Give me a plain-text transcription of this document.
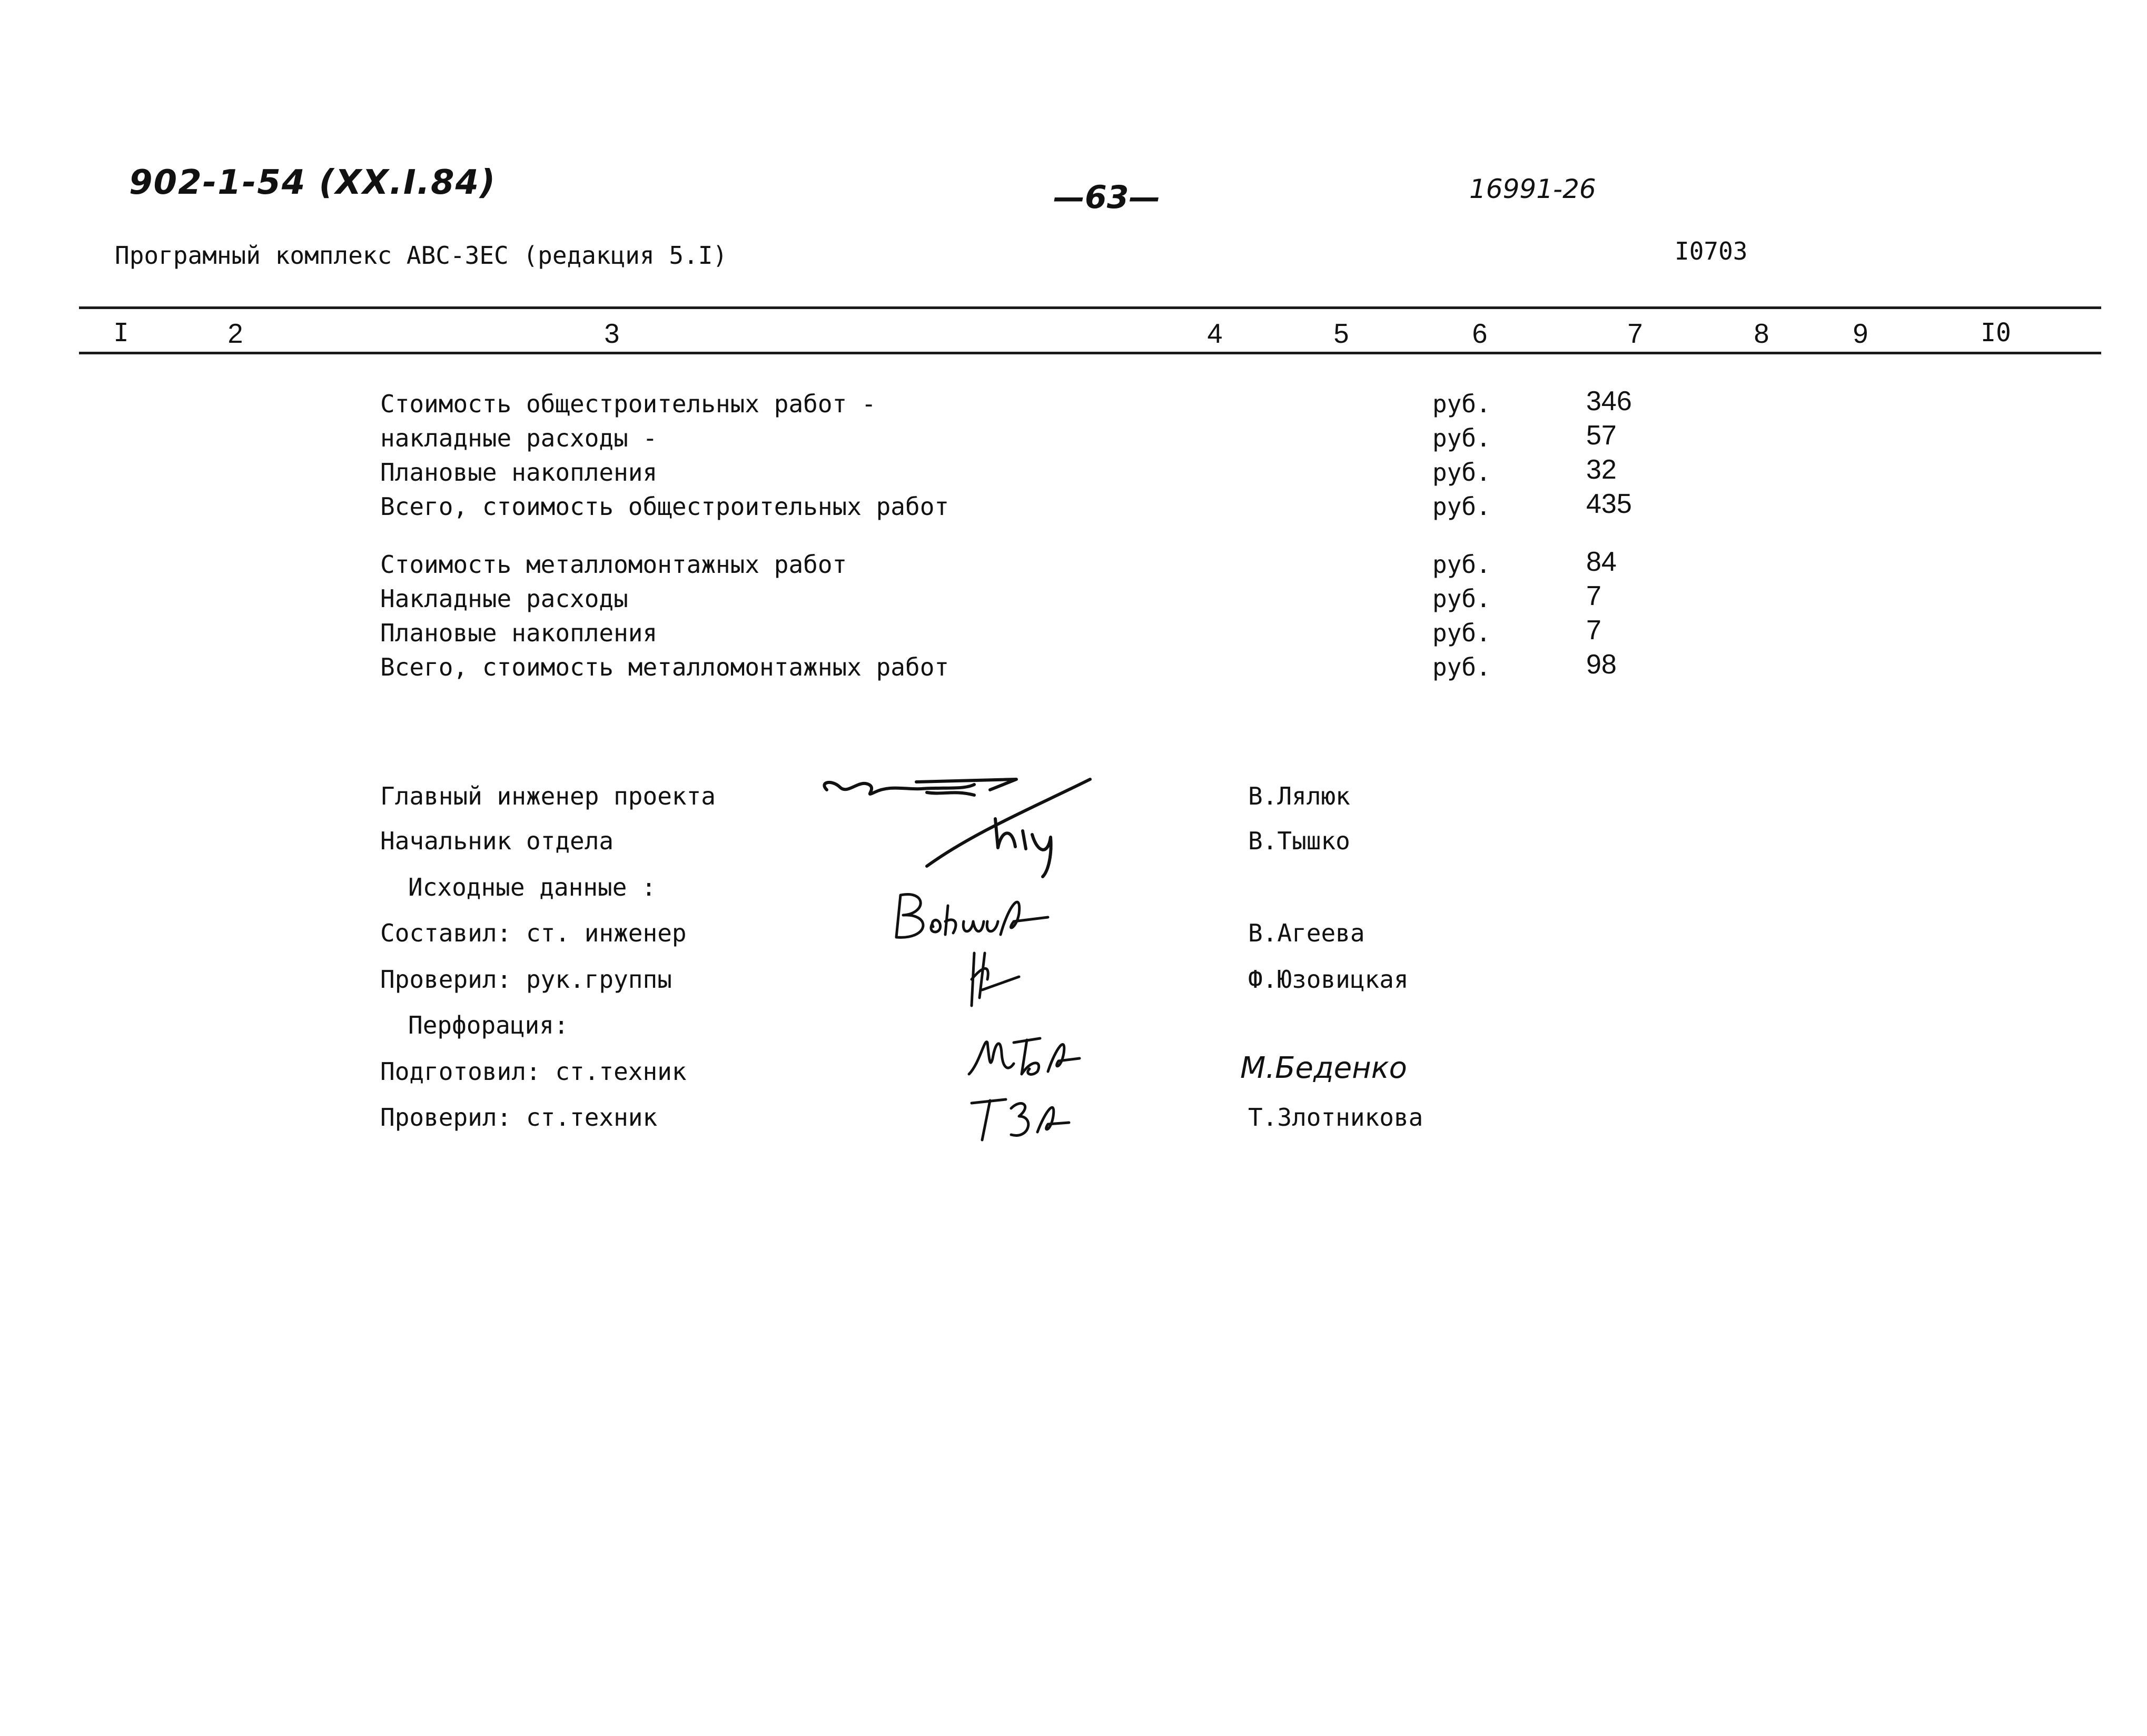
902-1-54 (XX.I.84)	—63—	16991-26
Програмный комплекс АВС-ЗЕС (редакция 5.I)	I0703
I	2	3	4	5	6	7	8	9	I0
Стоимость общестроительных работ -	руб.	346
накладные расходы -	руб.	57
Плановые накопления	руб.	32
Всего, стоимость общестроительных работ	руб.	435
Стоимость металломонтажных работ	руб.	84
Накладные расходы	руб.	7
Плановые накопления	руб.	7
Всего, стоимость металломонтажных работ	руб.	98
Главный инженер проекта	В.Лялюк
Начальник отдела	В.Тышко
Исходные данные :
Составил: ст. инженер	В.Агеева
Проверил: рук.группы	Ф.Юзовицкая
Перфорация:
Подготовил: ст.техник	М.Беденко
Проверил: ст.техник	Т.Злотникова
